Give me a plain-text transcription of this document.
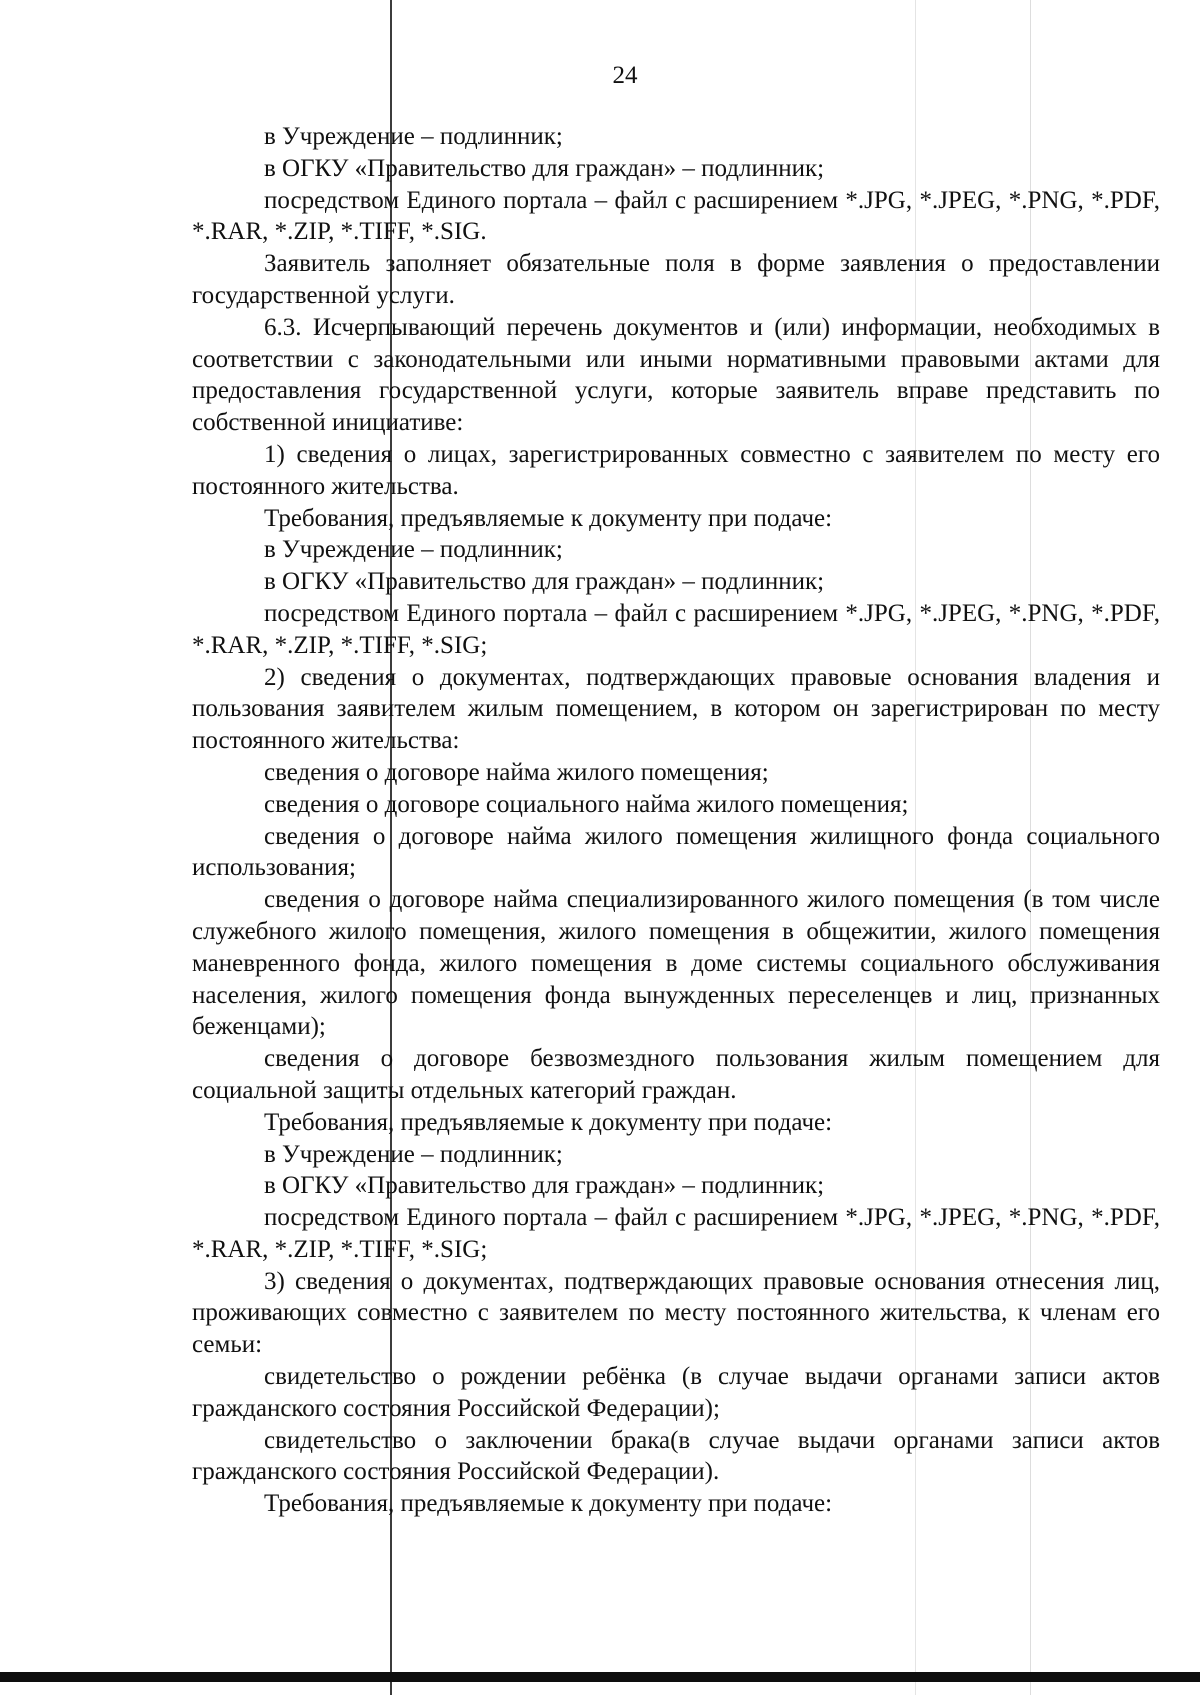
24

в Учреждение – подлинник;

в ОГКУ «Правительство для граждан» – подлинник;

посредством Единого портала – файл с расширением *.JPG, *.JPEG, *.PNG, *.PDF, *.RAR, *.ZIP, *.TIFF, *.SIG.

Заявитель заполняет обязательные поля в форме заявления о предоставлении государственной услуги.

6.3. Исчерпывающий перечень документов и (или) информации, необходимых в соответствии с законодательными или иными нормативными правовыми актами для предоставления государственной услуги, которые заявитель вправе представить по собственной инициативе:

1) сведения о лицах, зарегистрированных совместно с заявителем по месту его постоянного жительства.

Требования, предъявляемые к документу при подаче:

в Учреждение – подлинник;

в ОГКУ «Правительство для граждан» – подлинник;

посредством Единого портала – файл с расширением *.JPG, *.JPEG, *.PNG, *.PDF, *.RAR, *.ZIP, *.TIFF, *.SIG;

2) сведения о документах, подтверждающих правовые основания владения и пользования заявителем жилым помещением, в котором он зарегистрирован по месту постоянного жительства:

сведения о договоре найма жилого помещения;

сведения о договоре социального найма жилого помещения;

сведения о договоре найма жилого помещения жилищного фонда социального использования;

сведения о договоре найма специализированного жилого помещения (в том числе служебного жилого помещения, жилого помещения в общежитии, жилого помещения маневренного фонда, жилого помещения в доме системы социального обслуживания населения, жилого помещения фонда вынужденных переселенцев и лиц, признанных беженцами);

сведения о договоре безвозмездного пользования жилым помещением для социальной защиты отдельных категорий граждан.

Требования, предъявляемые к документу при подаче:

в Учреждение – подлинник;

в ОГКУ «Правительство для граждан» – подлинник;

посредством Единого портала – файл с расширением *.JPG, *.JPEG, *.PNG, *.PDF, *.RAR, *.ZIP, *.TIFF, *.SIG;

3) сведения о документах, подтверждающих правовые основания отнесения лиц, проживающих совместно с заявителем по месту постоянного жительства, к членам его семьи:

свидетельство о рождении ребёнка (в случае выдачи органами записи актов гражданского состояния Российской Федерации);

свидетельство о заключении брака(в случае выдачи органами записи актов гражданского состояния Российской Федерации).

Требования, предъявляемые к документу при подаче:
